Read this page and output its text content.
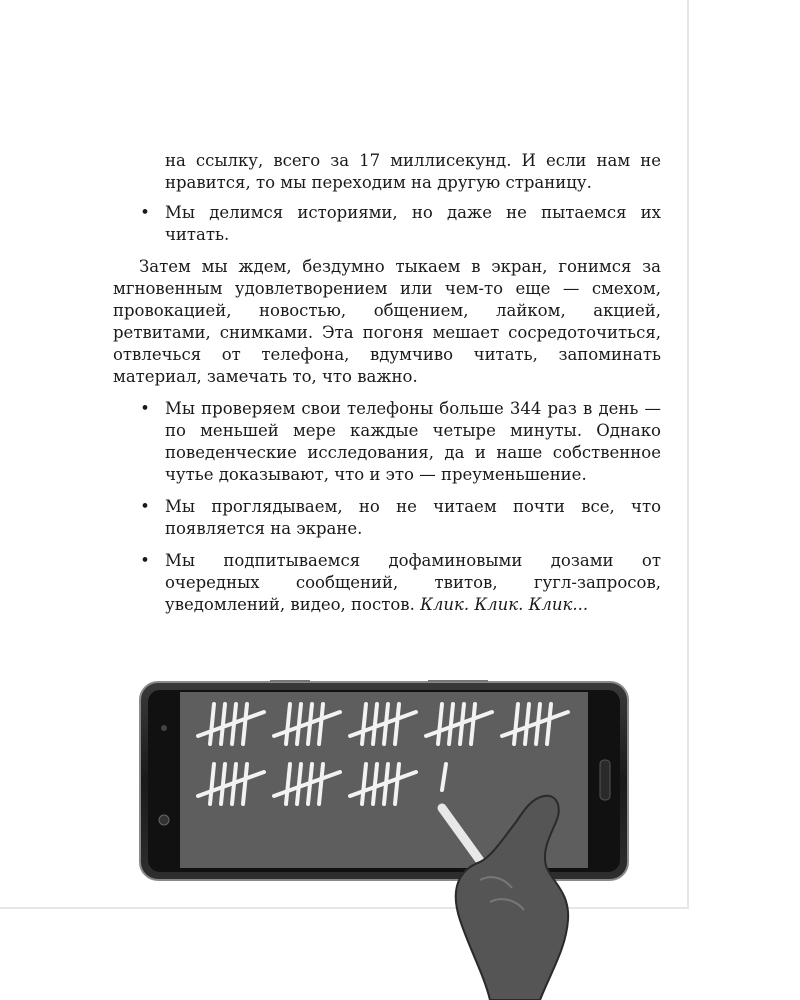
на ссылку, всего за 17 миллисекунд. И если нам не нравится, то мы переходим на другую страницу.

• Мы делимся историями, но даже не пытаемся их читать.

Затем мы ждем, бездумно тыкаем в экран, гонимся за мгновенным удовлетворением или чем-то еще — смехом, провокацией, новостью, общением, лайком, акцией, ретвитами, снимками. Эта погоня мешает сосредоточиться, отвлечься от телефона, вдумчиво читать, запоминать материал, замечать то, что важно.

• Мы проверяем свои телефоны больше 344 раз в день — по меньшей мере каждые четыре минуты. Однако поведенческие исследования, да и наше собственное чутье доказывают, что и это — преуменьшение.

• Мы проглядываем, но не читаем почти все, что появляется на экране.

• Мы подпитываемся дофаминовыми дозами от очередных сообщений, твитов, гугл-запросов, уведомлений, видео, постов. Клик. Клик. Клик...
